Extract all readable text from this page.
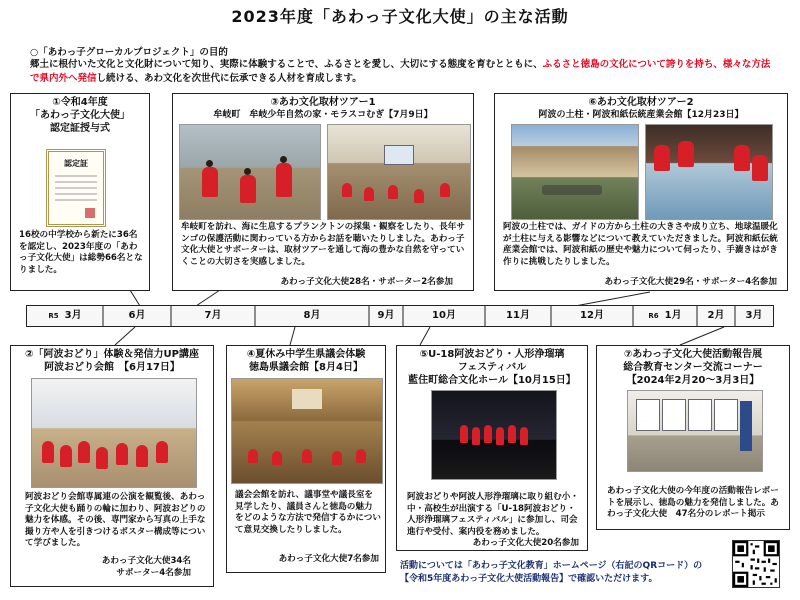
2023年度「あわっ子文化大使」の主な活動
○「あわっ子グローカルプロジェクト」の目的
郷土に根付いた文化と文化財について知り、実際に体験することで、ふるさとを愛し、大切にする態度を育むとともに、ふるさと徳島の文化について誇りを持ち、様々な方法で県内外へ発信し続ける、あわ文化を次世代に伝承できる人材を育成します。
①令和4年度
「あわっ子文化大使」
認定証授与式
16校の中学校から新たに36名を認定し、2023年度の「あわっ子文化大使」は総勢66名となりました。
認定証
③あわ文化取材ツアー1
牟岐町　牟岐少年自然の家・モラスコむぎ【7月9日】
牟岐町を訪れ、海に生息するプランクトンの採集・観察をしたり、長年サンゴの保護活動に関わっている方からお話を聴いたりしました。あわっ子文化大使とサポーターは、取材ツアーを通して海の豊かな自然を守っていくことの大切さを実感しました。
あわっ子文化大使28名・サポーター2名参加
⑥あわ文化取材ツアー2
阿波の土柱・阿波和紙伝統産業会館【12月23日】
阿波の土柱では、ガイドの方から土柱の大きさや成り立ち、地球温暖化が土柱に与える影響などについて教えていただきました。阿波和紙伝統産業会館では、阿波和紙の歴史や魅力について伺ったり、手漉きはがき作りに挑戦したりしました。
あわっ子文化大使29名・サポーター4名参加
R5 3月	6月	7月	8月	9月	10月	11月	12月	R6 1月	2月	3月
②「阿波おどり」体験＆発信力UP講座
阿波おどり会館　【6月17日】
阿波おどり会館専属連の公演を観覧後、あわっ子文化大使も踊りの輪に加わり、阿波おどりの魅力を体感。その後、専門家から写真の上手な撮り方や人を引きつけるポスター構成等について学びました。
あわっ子文化大使34名
サポーター4名参加
④夏休み中学生県議会体験
徳島県議会館【8月4日】
議会会館を訪れ、議事堂や議長室を見学したり、議員さんと徳島の魅力をどのような方法で発信するかについて意見交換したりしました。
あわっ子文化大使7名参加
⑤U-18阿波おどり・人形浄瑠璃
フェスティバル
藍住町総合文化ホール【10月15日】
阿波おどりや阿波人形浄瑠璃に取り組む小・中・高校生が出演する「U-18阿波おどり・人形浄瑠璃フェスティバル」に参加し、司会進行や受付、案内役を務めました。
あわっ子文化大使20名参加
⑦あわっ子文化大使活動報告展
総合教育センター交流コーナー
【2024年2月20～3月3日】
あわっ子文化大使の今年度の活動報告レポートを展示し、徳島の魅力を発信しました。あわっ子文化大使　47名分のレポート掲示
活動については「あわっ子文化教育」ホームページ（右記のQRコード）の
【令和5年度あわっ子文化大使活動報告】で確認いただけます。
